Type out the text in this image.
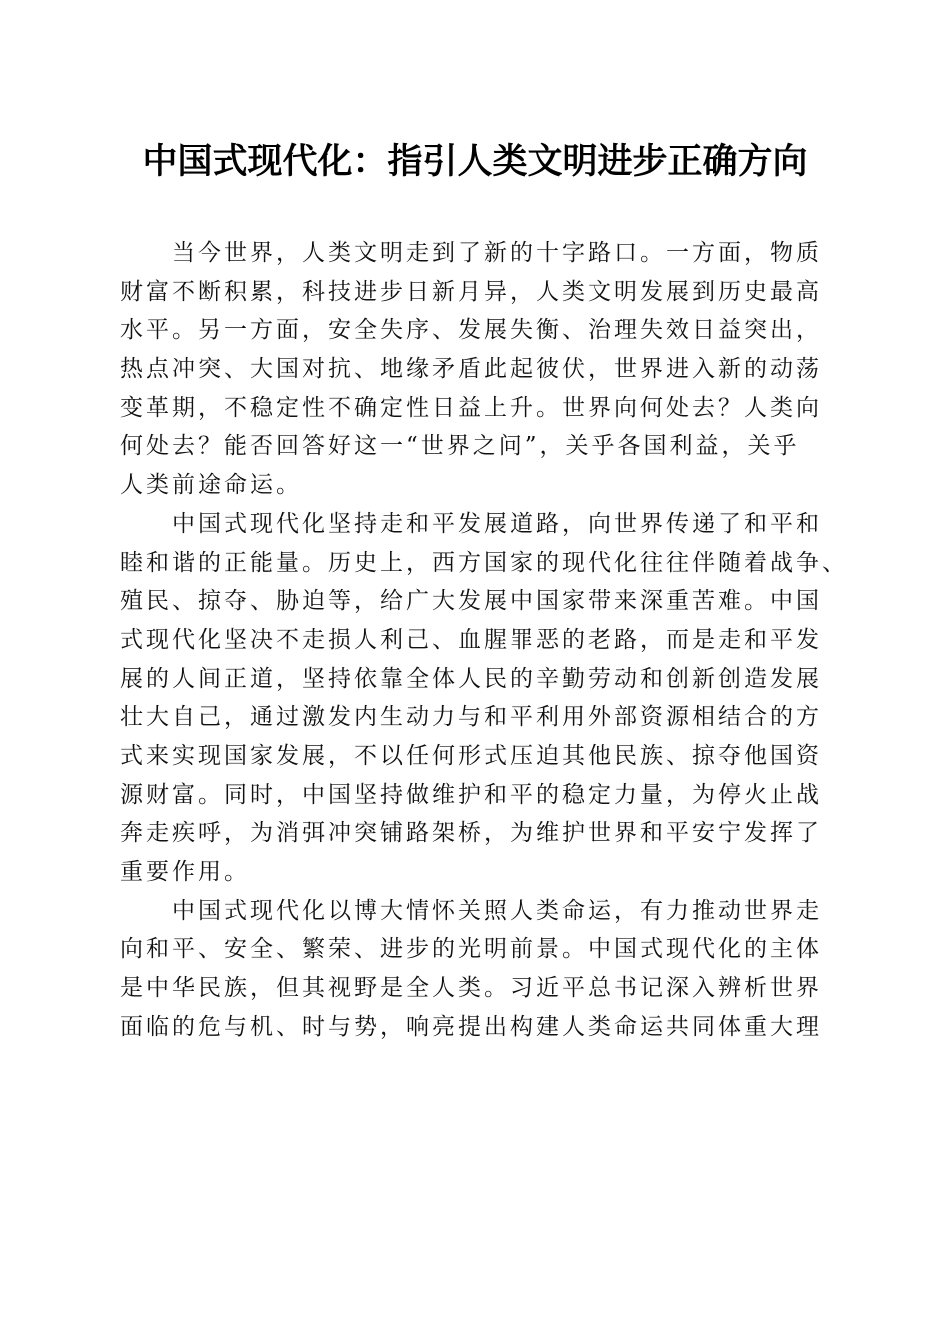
中国式现代化：指引人类文明进步正确方向

当今世界，人类文明走到了新的十字路口。一方面，物质
财富不断积累，科技进步日新月异，人类文明发展到历史最高
水平。另一方面，安全失序、发展失衡、治理失效日益突出，
热点冲突、大国对抗、地缘矛盾此起彼伏，世界进入新的动荡
变革期，不稳定性不确定性日益上升。世界向何处去？人类向
何处去？能否回答好这一“世界之问”，关乎各国利益，关乎
人类前途命运。

中国式现代化坚持走和平发展道路，向世界传递了和平和
睦和谐的正能量。历史上，西方国家的现代化往往伴随着战争、
殖民、掠夺、胁迫等，给广大发展中国家带来深重苦难。中国
式现代化坚决不走损人利己、血腥罪恶的老路，而是走和平发
展的人间正道，坚持依靠全体人民的辛勤劳动和创新创造发展
壮大自己，通过激发内生动力与和平利用外部资源相结合的方
式来实现国家发展，不以任何形式压迫其他民族、掠夺他国资
源财富。同时，中国坚持做维护和平的稳定力量，为停火止战
奔走疾呼，为消弭冲突铺路架桥，为维护世界和平安宁发挥了
重要作用。

中国式现代化以博大情怀关照人类命运，有力推动世界走
向和平、安全、繁荣、进步的光明前景。中国式现代化的主体
是中华民族，但其视野是全人类。习近平总书记深入辨析世界
面临的危与机、时与势，响亮提出构建人类命运共同体重大理
